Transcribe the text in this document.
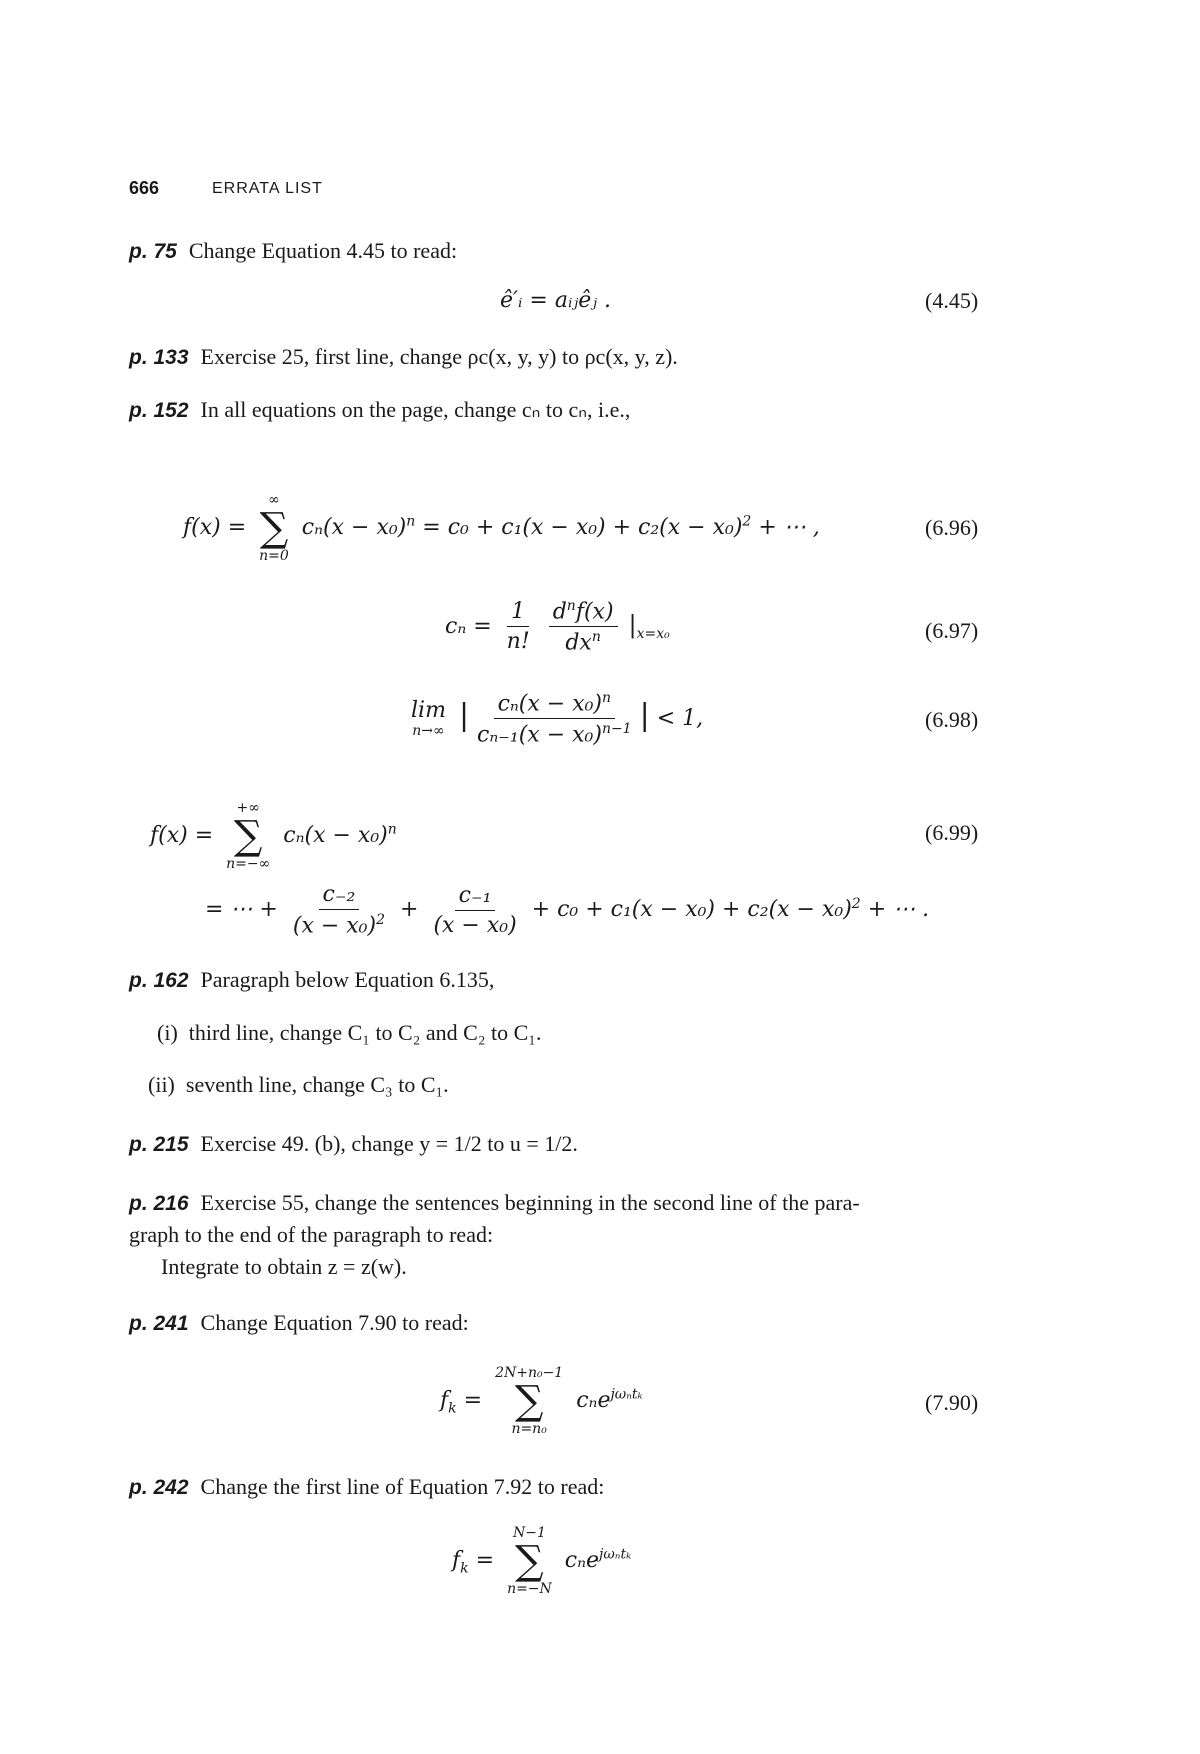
666	ERRATA LIST
p. 75 Change Equation 4.45 to read:
ê′ᵢ = aᵢⱼêⱼ .	(4.45)
p. 133 Exercise 25, first line, change ρc(x, y, y) to ρc(x, y, z).
p. 152 In all equations on the page, change cₙ to cₙ, i.e.,
f(x) =
∞
∑
n=0
$c_n(x - x_0)^n = c_0 + c_1(x - x_0) + c_2(x - x_0)^2$ + ⋯ ,	(6.96)
$c_n = \frac{1}{n!}$
$\frac{d^nf(x)}{dx^n} |_{x=x_0}$	(6.97)
lim
n→∞ | $\frac{c_n(x - x_0)^n}{c_{n-1}(x - x_0)^{n-1}}$ | < 1,	(6.98)
f(x) =
+∞
∑
n=−∞
$c_n(x - x_0)^n$	(6.99)
= ⋯ + $\frac{\text{c₋₂}}{(x - x_0)^2} + \frac{\text{c₋₁}}{\text{(x − x₀)}} + c_0 + c_1(x - x_0) + c_2(x - x_0)^2$ + ⋯ .
p. 162 Paragraph below Equation 6.135,
(i) third line, change C₁ to C₂ and C₂ to C₁.
(ii) seventh line, change C₃ to C₁.
p. 215 Exercise 49. (b), change y = 1/2 to u = 1/2.
p. 216 Exercise 55, change the sentences beginning in the second line of the para-
graph to the end of the paragraph to read:
Integrate to obtain z = z(w).
p. 241 Change Equation 7.90 to read:
$f_k$ =
2N+n₀−1
∑
n=n₀
cₙe$^{j\omega_nt_k}$	(7.90)
p. 242 Change the first line of Equation 7.92 to read:
$f_k$ =
N−1
∑
n=−N
cₙe$^{j\omega_nt_k}$
